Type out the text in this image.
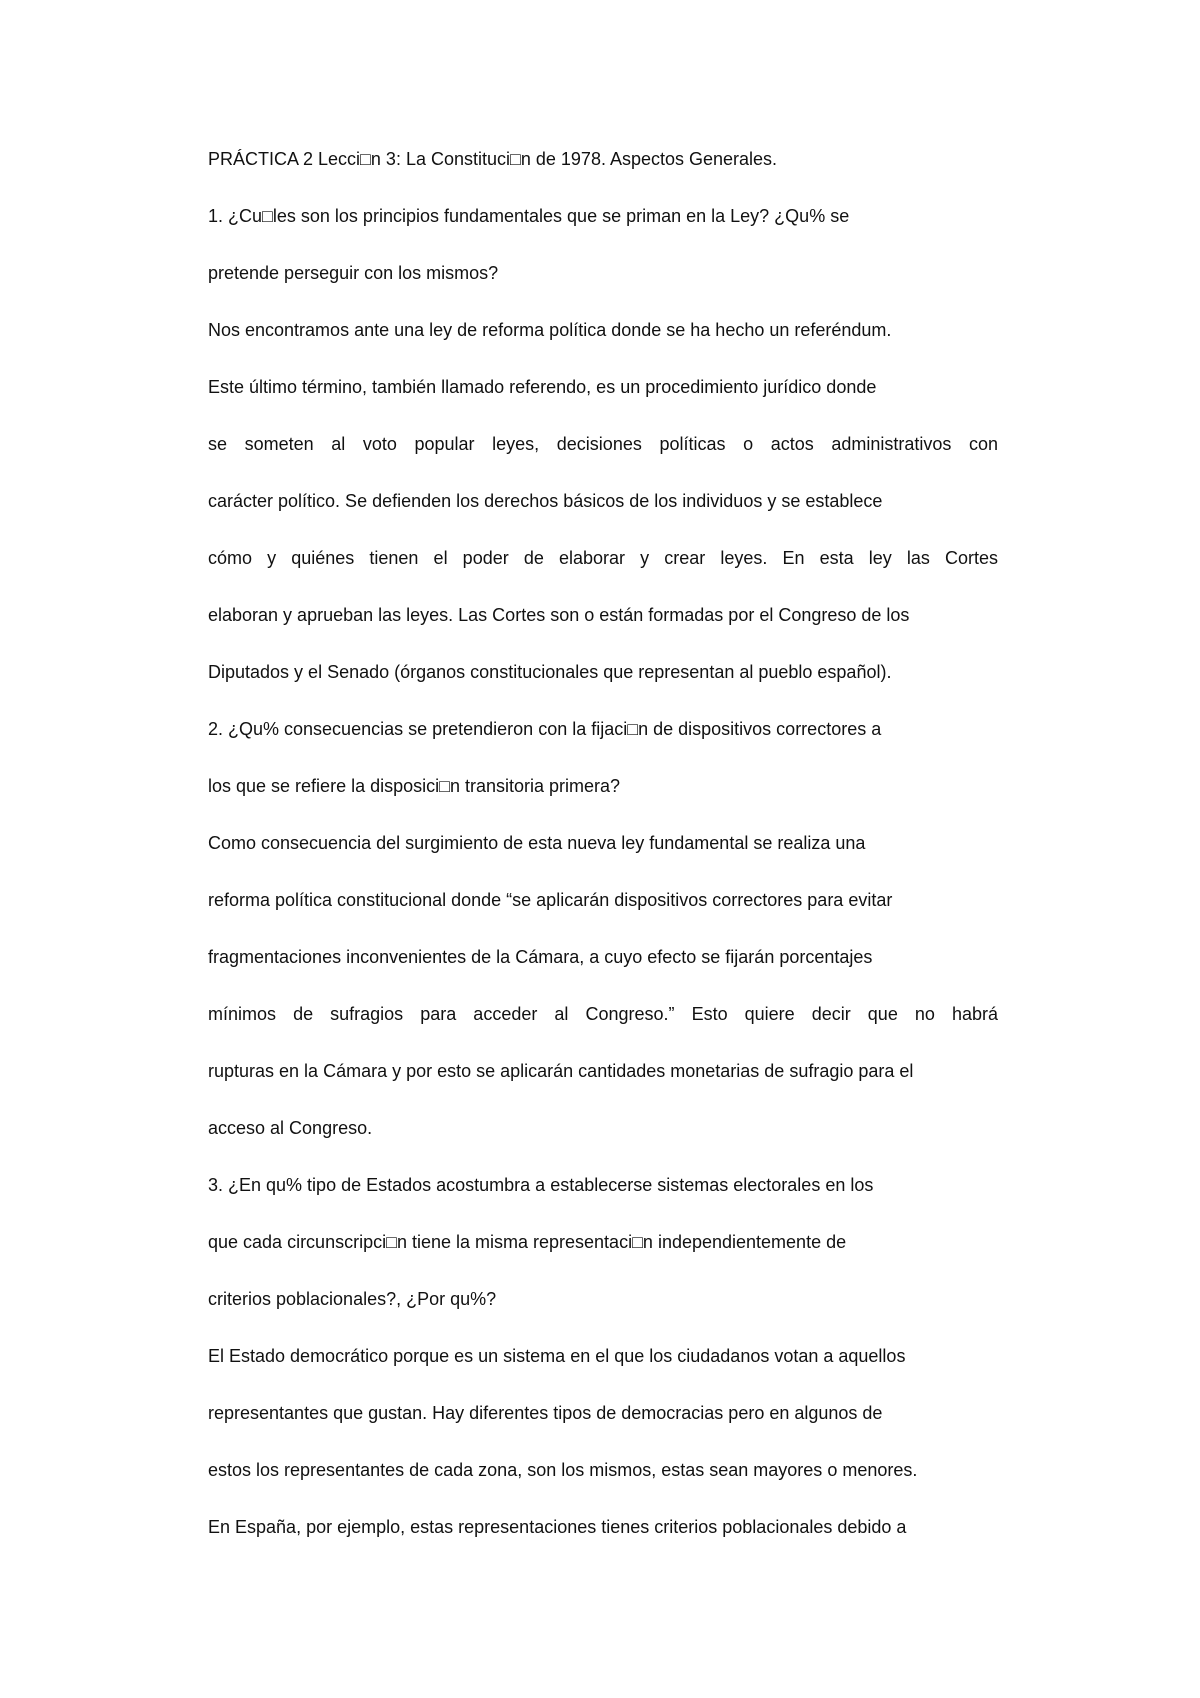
PRÁCTICA 2 Lecci□n 3: La Constituci□n de 1978. Aspectos Generales.
1. ¿Cu□les son los principios fundamentales que se priman en la Ley? ¿Qu% se
pretende perseguir con los mismos?
Nos encontramos ante una ley de reforma política donde se ha hecho un referéndum.
Este último término, también llamado referendo, es un procedimiento jurídico donde
se someten al voto popular leyes, decisiones políticas o actos administrativos con
carácter político. Se defienden los derechos básicos de los individuos y se establece
cómo y quiénes tienen el poder de elaborar y crear leyes. En esta ley las Cortes
elaboran y aprueban las leyes. Las Cortes son o están formadas por el Congreso de los
Diputados y el Senado (órganos constitucionales que representan al pueblo español).
2. ¿Qu% consecuencias se pretendieron con la fijaci□n de dispositivos correctores a
los que se refiere la disposici□n transitoria primera?
Como consecuencia del surgimiento de esta nueva ley fundamental se realiza una
reforma política constitucional donde “se aplicarán dispositivos correctores para evitar
fragmentaciones inconvenientes de la Cámara, a cuyo efecto se fijarán porcentajes
mínimos de sufragios para acceder al Congreso.” Esto quiere decir que no habrá
rupturas en la Cámara y por esto se aplicarán cantidades monetarias de sufragio para el
acceso al Congreso.
3. ¿En qu% tipo de Estados acostumbra a establecerse sistemas electorales en los
que cada circunscripci□n tiene la misma representaci□n independientemente de
criterios poblacionales?, ¿Por qu%?
El Estado democrático porque es un sistema en el que los ciudadanos votan a aquellos
representantes que gustan. Hay diferentes tipos de democracias pero en algunos de
estos los representantes de cada zona, son los mismos, estas sean mayores o menores.
En España, por ejemplo, estas representaciones tienes criterios poblacionales debido a
